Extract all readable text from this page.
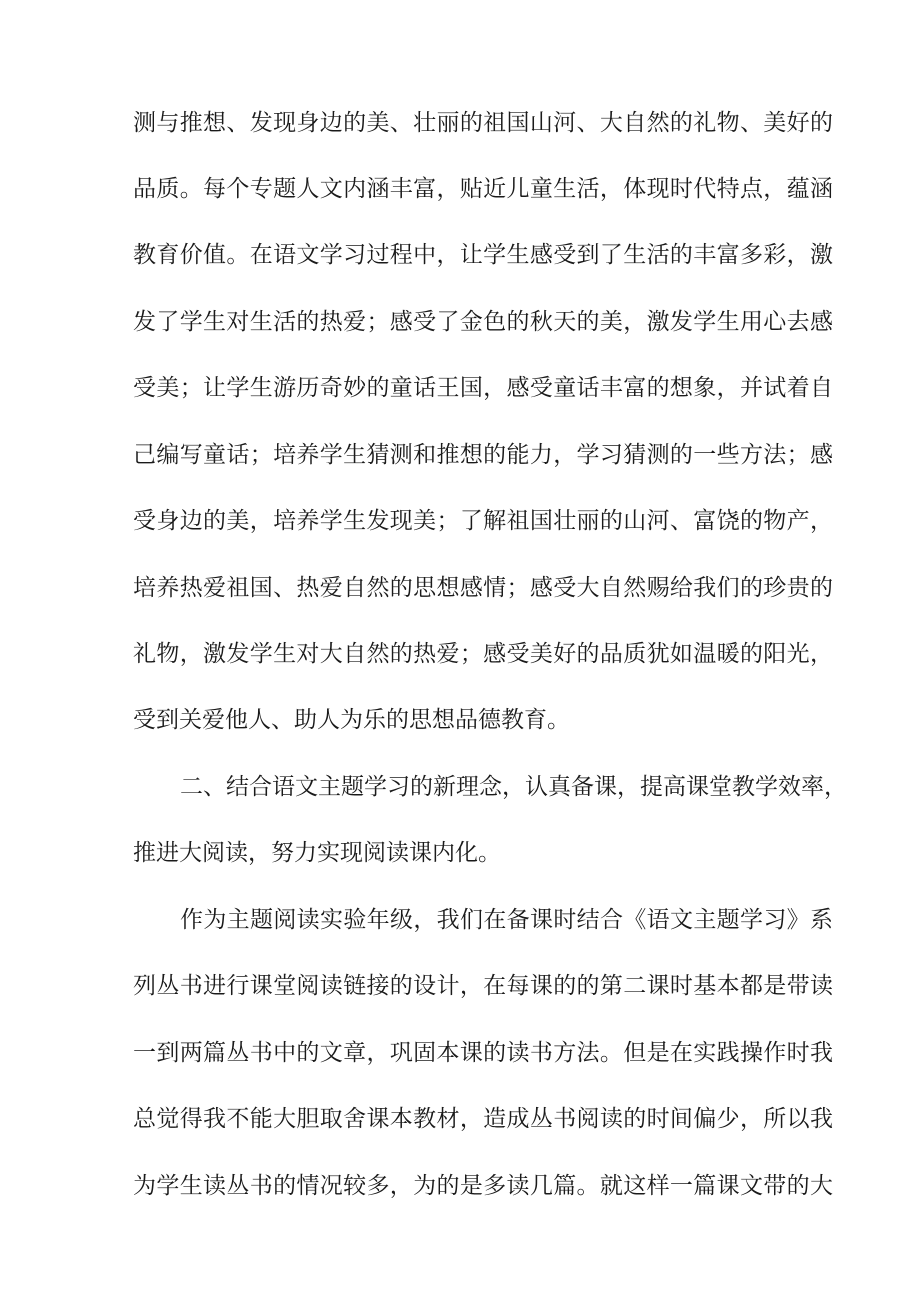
测与推想、发现身边的美、壮丽的祖国山河、大自然的礼物、美好的
品质。每个专题人文内涵丰富，贴近儿童生活，体现时代特点，蕴涵
教育价值。在语文学习过程中，让学生感受到了生活的丰富多彩，激
发了学生对生活的热爱；感受了金色的秋天的美，激发学生用心去感
受美；让学生游历奇妙的童话王国，感受童话丰富的想象，并试着自
己编写童话；培养学生猜测和推想的能力，学习猜测的一些方法；感
受身边的美，培养学生发现美；了解祖国壮丽的山河、富饶的物产，
培养热爱祖国、热爱自然的思想感情；感受大自然赐给我们的珍贵的
礼物，激发学生对大自然的热爱；感受美好的品质犹如温暖的阳光，
受到关爱他人、助人为乐的思想品德教育。
二、结合语文主题学习的新理念，认真备课，提高课堂教学效率，
推进大阅读，努力实现阅读课内化。
作为主题阅读实验年级，我们在备课时结合《语文主题学习》系
列丛书进行课堂阅读链接的设计，在每课的的第二课时基本都是带读
一到两篇丛书中的文章，巩固本课的读书方法。但是在实践操作时我
总觉得我不能大胆取舍课本教材，造成丛书阅读的时间偏少，所以我
为学生读丛书的情况较多，为的是多读几篇。就这样一篇课文带的大
